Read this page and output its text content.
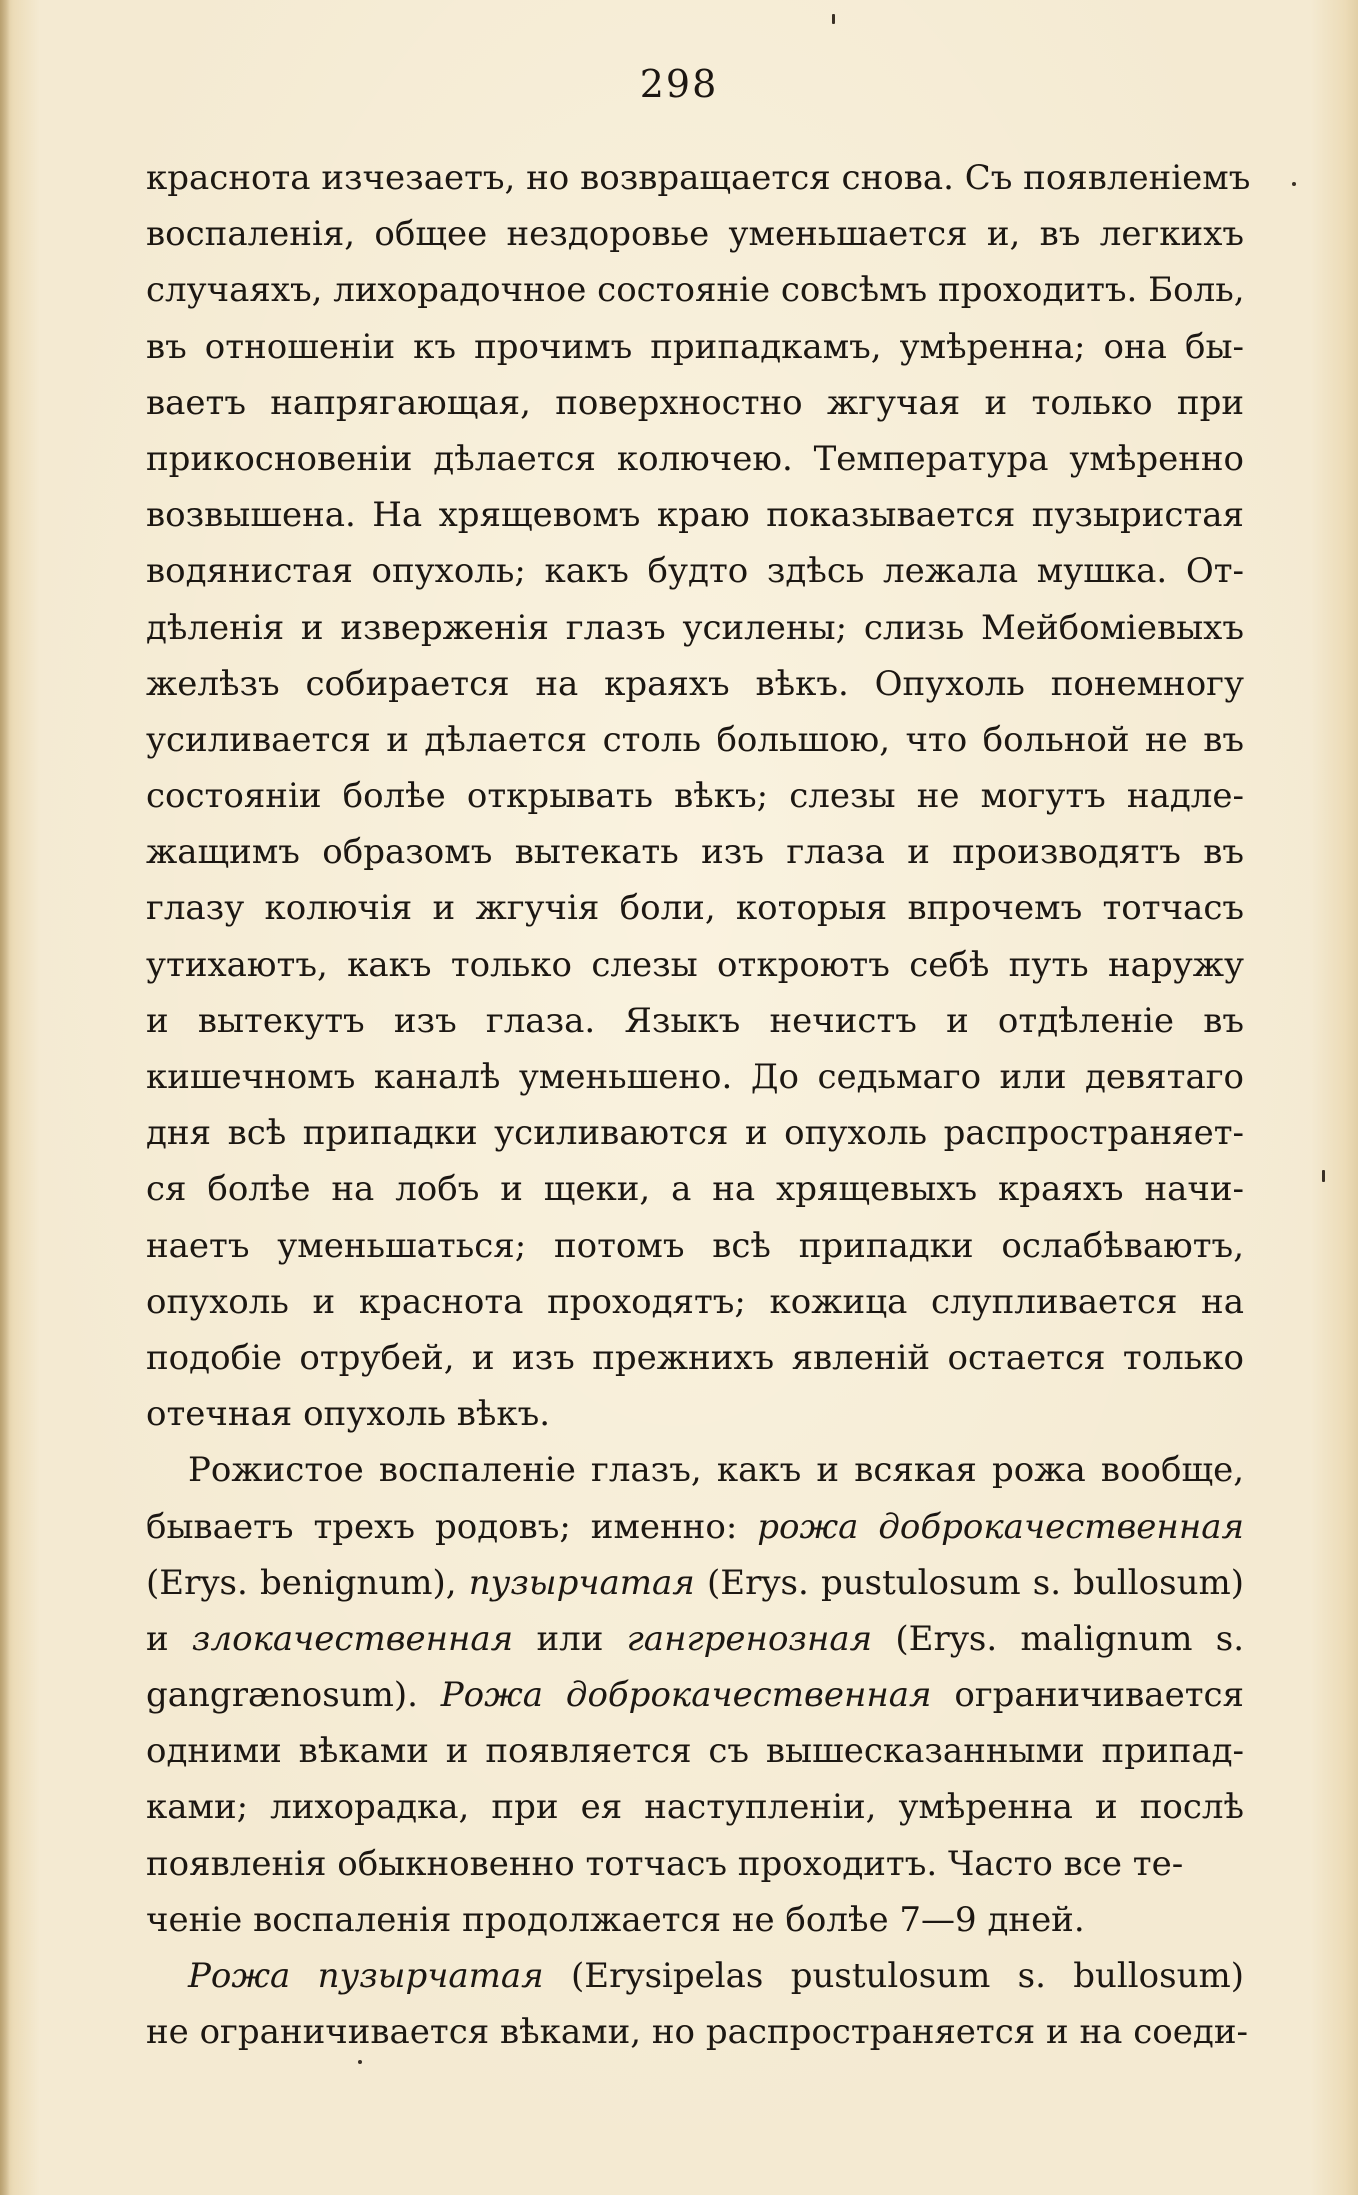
298
краснота изчезаетъ, но возвращается снова. Съ появленіемъ
воспаленія, общее нездоровье уменьшается и, въ легкихъ
случаяхъ, лихорадочное состояніе совсѣмъ проходитъ. Боль,
въ отношеніи къ прочимъ припадкамъ, умѣренна; она бы-
ваетъ напрягающая, поверхностно жгучая и только при
прикосновеніи дѣлается колючею. Температура умѣренно
возвышена. На хрящевомъ краю показывается пузыристая
водянистая опухоль; какъ будто здѣсь лежала мушка. От-
дѣленія и изверженія глазъ усилены; слизь Мейбоміевыхъ
желѣзъ собирается на краяхъ вѣкъ. Опухоль понемногу
усиливается и дѣлается столь большою, что больной не въ
состояніи болѣе открывать вѣкъ; слезы не могутъ надле-
жащимъ образомъ вытекать изъ глаза и производятъ въ
глазу колючія и жгучія боли, которыя впрочемъ тотчасъ
утихаютъ, какъ только слезы откроютъ себѣ путь наружу
и вытекутъ изъ глаза. Языкъ нечистъ и отдѣленіе въ
кишечномъ каналѣ уменьшено. До седьмаго или девятаго
дня всѣ припадки усиливаются и опухоль распространяет-
ся болѣе на лобъ и щеки, а на хрящевыхъ краяхъ начи-
наетъ уменьшаться; потомъ всѣ припадки ослабѣваютъ,
опухоль и краснота проходятъ; кожица слупливается на
подобіе отрубей, и изъ прежнихъ явленій остается только
отечная опухоль вѣкъ.
Рожистое воспаленіе глазъ, какъ и всякая рожа вообще,
бываетъ трехъ родовъ; именно: рожа доброкачественная
(Erys. benignum), пузырчатая (Erys. pustulosum s. bullosum)
и злокачественная или гангренозная (Erys. malignum s.
gangrænosum). Рожа доброкачественная ограничивается
одними вѣками и появляется съ вышесказанными припад-
ками; лихорадка, при ея наступленіи, умѣренна и послѣ
появленія обыкновенно тотчасъ проходитъ. Часто все те-
ченіе воспаленія продолжается не болѣе 7—9 дней.
Рожа пузырчатая (Erysipelas pustulosum s. bullosum)
не ограничивается вѣками, но распространяется и на соеди-
